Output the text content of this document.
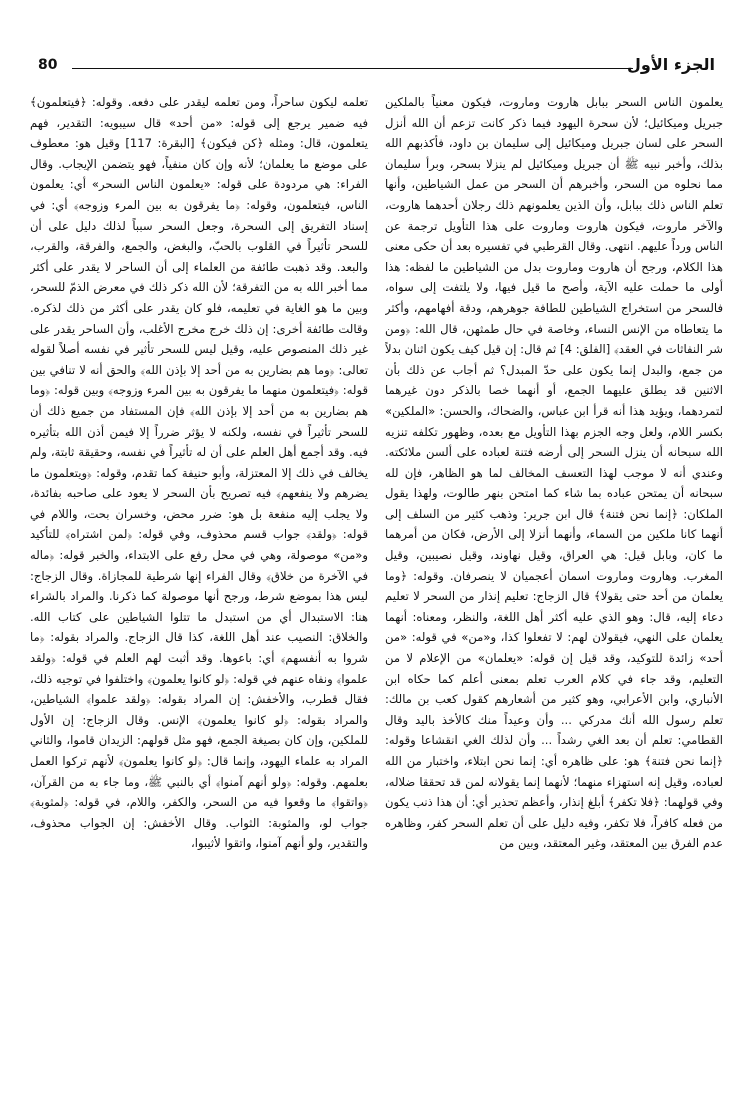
الجزء الأول
80

يعلمون الناس السحر ببابل هاروت وماروت، فيكون معنياً بالملكين جبريل وميكائيل؛ لأن سحرة اليهود فيما ذكر كانت تزعم أن الله أنزل السحر على لسان جبريل وميكائيل إلى سليمان بن داود، فأكذبهم الله بذلك، وأخبر نبيه ﷺ أن جبريل وميكائيل لم ينزلا بسحر، وبرأ سليمان مما نحلوه من السحر، وأخبرهم أن السحر من عمل الشياطين، وأنها تعلم الناس ذلك ببابل، وأن الذين يعلمونهم ذلك رجلان أحدهما هاروت، والآخر ماروت، فيكون هاروت وماروت على هذا التأويل ترجمة عن الناس ورداً عليهم. انتهى. وقال القرطبي في تفسيره بعد أن حكى معنى هذا الكلام، ورجح أن هاروت وماروت بدل من الشياطين ما لفظه: هذا أولى ما حملت عليه الآية، وأصح ما قيل فيها، ولا يلتفت إلى سواه، فالسحر من استخراج الشياطين للطافة جوهرهم، ودقة أفهامهم، وأكثر ما يتعاطاه من الإنس النساء، وخاصة في حال طمثهن، قال الله: ﴿ومن شر النفاثات في العقد﴾ [الفلق: 4] ثم قال: إن قيل كيف يكون اثنان بدلاً من جمع، والبدل إنما يكون على حدّ المبدل؟ ثم أجاب عن ذلك بأن الاثنين قد يطلق عليهما الجمع، أو أنهما خصا بالذكر دون غيرهما لتمردهما، ويؤيد هذا أنه قرأ ابن عباس، والضحاك، والحسن: «الملكين» بكسر اللام، ولعل وجه الجزم بهذا التأويل مع بعده، وظهور تكلفه تنزيه الله سبحانه أن ينزل السحر إلى أرضه فتنة لعباده على ألسن ملائكته. وعندي أنه لا موجب لهذا التعسف المخالف لما هو الظاهر، فإن لله سبحانه أن يمتحن عباده بما شاء كما امتحن بنهر طالوت، ولهذا يقول الملكان: ﴿إنما نحن فتنة﴾ قال ابن جرير: وذهب كثير من السلف إلى أنهما كانا ملكين من السماء، وأنهما أنزلا إلى الأرض، فكان من أمرهما ما كان، وبابل قيل: هي العراق، وقيل نهاوند، وقيل نصيبين، وقيل المغرب. وهاروت وماروت اسمان أعجميان لا ينصرفان. وقوله: ﴿وما يعلمان من أحد حتى يقولا﴾ قال الزجاج: تعليم إنذار من السحر لا تعليم دعاء إليه، قال: وهو الذي عليه أكثر أهل اللغة، والنظر، ومعناه: أنهما يعلمان على النهي، فيقولان لهم: لا تفعلوا كذا، و«من» في قوله: «من أحد» زائدة للتوكيد، وقد قيل إن قوله: «يعلمان» من الإعلام لا من التعليم، وقد جاء في كلام العرب تعلم بمعنى أعلم كما حكاه ابن الأنباري، وابن الأعرابي، وهو كثير من أشعارهم كقول كعب بن مالك: تعلم رسول الله أنك مدركي ... وأن وعيداً منك كالأخذ باليد وقال القطامي: تعلم أن بعد الغي رشداً ... وأن لذلك الغي انقشاعا وقوله: ﴿إنما نحن فتنة﴾ هو: على ظاهره أي: إنما نحن ابتلاء، واختبار من الله لعباده، وقيل إنه استهزاء منهما؛ لأنهما إنما يقولانه لمن قد تحققا ضلاله، وفي قولهما: ﴿فلا تكفر﴾ أبلغ إنذار، وأعظم تحذير أي: أن هذا ذنب يكون من فعله كافراً، فلا تكفر، وفيه دليل على أن تعلم السحر كفر، وظاهره عدم الفرق بين المعتقد، وغير المعتقد، وبين من

تعلمه ليكون ساحراً، ومن تعلمه ليقدر على دفعه. وقوله: ﴿فيتعلمون﴾ فيه ضمير يرجع إلى قوله: «من أحد» قال سيبويه: التقدير، فهم يتعلمون، قال: ومثله ﴿كن فيكون﴾ [البقرة: 117] وقيل هو: معطوف على موضع ما يعلمان؛ لأنه وإن كان منفياً، فهو يتضمن الإيجاب. وقال الفراء: هي مردودة على قوله: «يعلمون الناس السحر» أي: يعلمون الناس، فيتعلمون، وقوله: ﴿ما يفرقون به بين المرء وزوجه﴾ أي: في إسناد التفريق إلى السحرة، وجعل السحر سبباً لذلك دليل على أن للسحر تأثيراً في القلوب بالحبّ، والبغض، والجمع، والفرقة، والقرب، والبعد. وقد ذهبت طائفة من العلماء إلى أن الساحر لا يقدر على أكثر مما أخبر الله به من التفرقة؛ لأن الله ذكر ذلك في معرض الذمّ للسحر، وبين ما هو الغاية في تعليمه، فلو كان يقدر على أكثر من ذلك لذكره. وقالت طائفة أخرى: إن ذلك خرج مخرج الأغلب، وأن الساحر يقدر على غير ذلك المنصوص عليه، وقيل ليس للسحر تأثير في نفسه أصلاً لقوله تعالى: ﴿وما هم بضارين به من أحد إلا بإذن الله﴾ والحق أنه لا تنافي بين قوله: ﴿فيتعلمون منهما ما يفرقون به بين المرء وزوجه﴾ وبين قوله: ﴿وما هم بضارين به من أحد إلا بإذن الله﴾ فإن المستفاد من جميع ذلك أن للسحر تأثيراً في نفسه، ولكنه لا يؤثر ضرراً إلا فيمن أذن الله بتأثيره فيه. وقد أجمع أهل العلم على أن له تأثيراً في نفسه، وحقيقة ثابتة، ولم يخالف في ذلك إلا المعتزلة، وأبو حنيفة كما تقدم، وقوله: ﴿ويتعلمون ما يضرهم ولا ينفعهم﴾ فيه تصريح بأن السحر لا يعود على صاحبه بفائدة، ولا يجلب إليه منفعة بل هو: ضرر محض، وخسران بحت، واللام في قوله: ﴿ولقد﴾ جواب قسم محذوف، وفي قوله: ﴿لمن اشتراه﴾ للتأكيد و«من» موصولة، وهي في محل رفع على الابتداء، والخبر قوله: ﴿ماله في الآخرة من خلاق﴾ وقال الفراء إنها شرطية للمجازاة. وقال الزجاج: ليس هذا بموضع شرط، ورجح أنها موصولة كما ذكرنا. والمراد بالشراء هنا: الاستبدال أي من استبدل ما تتلوا الشياطين على كتاب الله. والخلاق: النصيب عند أهل اللغة، كذا قال الزجاج. والمراد بقوله: ﴿ما شروا به أنفسهم﴾ أي: باعوها. وقد أثبت لهم العلم في قوله: ﴿ولقد علموا﴾ ونفاه عنهم في قوله: ﴿لو كانوا يعلمون﴾ واختلفوا في توجيه ذلك، فقال قطرب، والأخفش: إن المراد بقوله: ﴿ولقد علموا﴾ الشياطين، والمراد بقوله: ﴿لو كانوا يعلمون﴾ الإنس. وقال الزجاج: إن الأول للملكين، وإن كان بصيغة الجمع، فهو مثل قولهم: الزيدان قاموا، والثاني المراد به علماء اليهود، وإنما قال: ﴿لو كانوا يعلمون﴾ لأنهم تركوا العمل بعلمهم. وقوله: ﴿ولو أنهم آمنوا﴾ أي بالنبي ﷺ، وما جاء به من القرآن، ﴿واتقوا﴾ ما وقعوا فيه من السحر، والكفر، واللام، في قوله: ﴿لمثوبة﴾ جواب لو، والمثوبة: الثواب. وقال الأخفش: إن الجواب محذوف، والتقدير، ولو أنهم آمنوا، واتقوا لأثيبوا،
